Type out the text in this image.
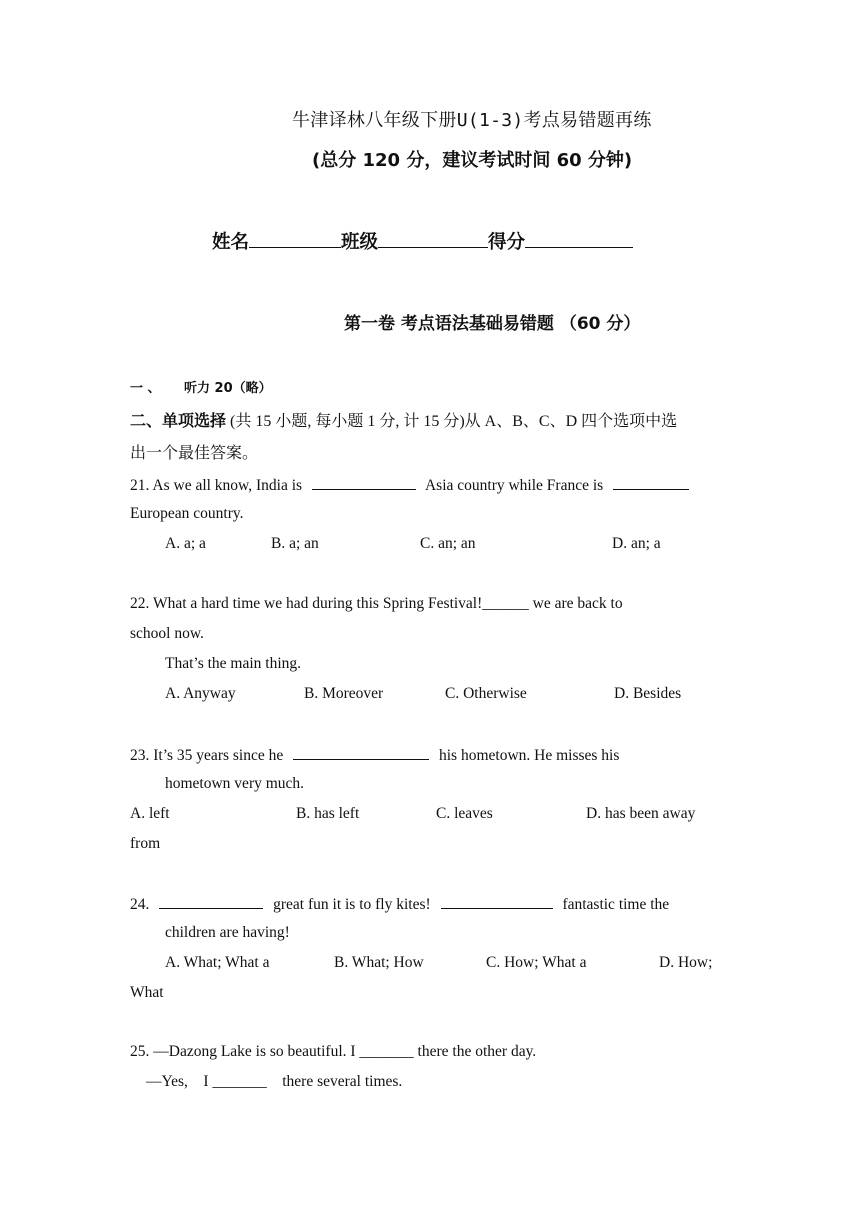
牛津译林八年级下册U(1-3)考点易错题再练
(总分 120 分，建议考试时间 60 分钟)
姓名	班级	得分
第一卷 考点语法基础易错题 （60 分）
一 、 听力 20（略）
二、单项选择 (共 15 小题, 每小题 1 分, 计 15 分)从 A、B、C、D 四个选项中选
出一个最佳答案。
21. As we all know, India is	Asia country while France is
European country.
A. a; a	B. a; an	C. an; an	D. an; a
22. What a hard time we had during this Spring Festival!______ we are back to
school now.
That’s the main thing.
A. Anyway	B. Moreover	C. Otherwise	D. Besides
23. It’s 35 years since he	his hometown. He misses his
hometown very much.
A. left	B. has left	C. leaves	D. has been away
from
24.	great fun it is to fly kites!	fantastic time the
children are having!
A. What; What a	B. What; How	C. How; What a	D. How;
What
25. —Dazong Lake is so beautiful. I _______ there the other day.
—Yes,    I _______    there several times.
